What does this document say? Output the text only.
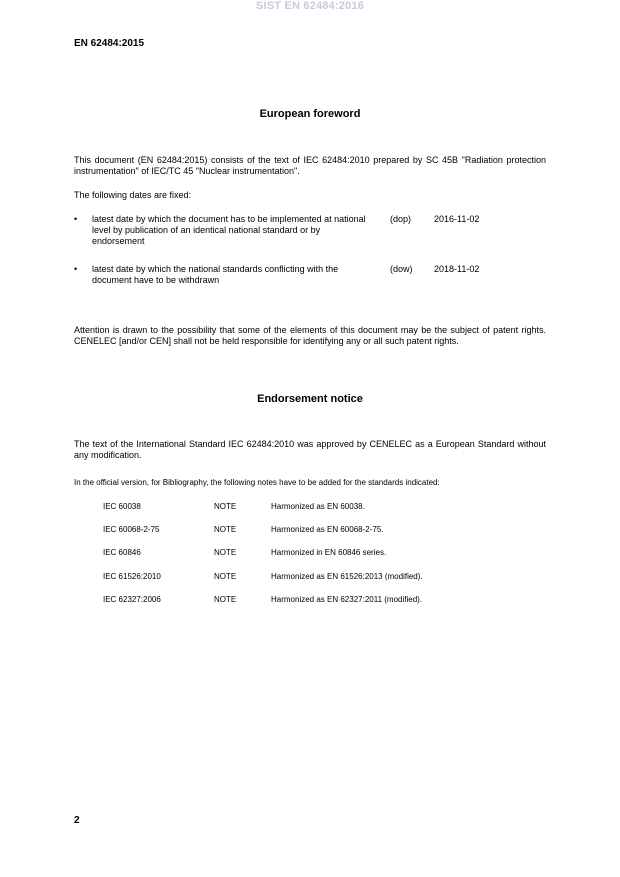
SIST EN 62484:2016
EN 62484:2015
European foreword
This document (EN 62484:2015) consists of the text of IEC 62484:2010 prepared by SC 45B "Radiation protection instrumentation" of IEC/TC 45 "Nuclear instrumentation".
The following dates are fixed:
• latest date by which the document has to be implemented at national level by publication of an identical national standard or by endorsement
(dop)	2016-11-02
• latest date by which the national standards conflicting with the document have to be withdrawn
(dow) 2018-11-02
Attention is drawn to the possibility that some of the elements of this document may be the subject of patent rights. CENELEC [and/or CEN] shall not be held responsible for identifying any or all such patent rights.
Endorsement notice
The text of the International Standard IEC 62484:2010 was approved by CENELEC as a European Standard without any modification.
In the official version, for Bibliography, the following notes have to be added for the standards indicated:
IEC 60038	NOTE	Harmonized as EN 60038.
IEC 60068-2-75	NOTE	Harmonized as EN 60068-2-75.
IEC 60846	NOTE	Harmonized in EN 60846 series.
IEC 61526:2010	NOTE	Harmonized as EN 61526:2013 (modified).
IEC 62327:2006	NOTE	Harmonized as EN 62327:2011 (modified).
2
